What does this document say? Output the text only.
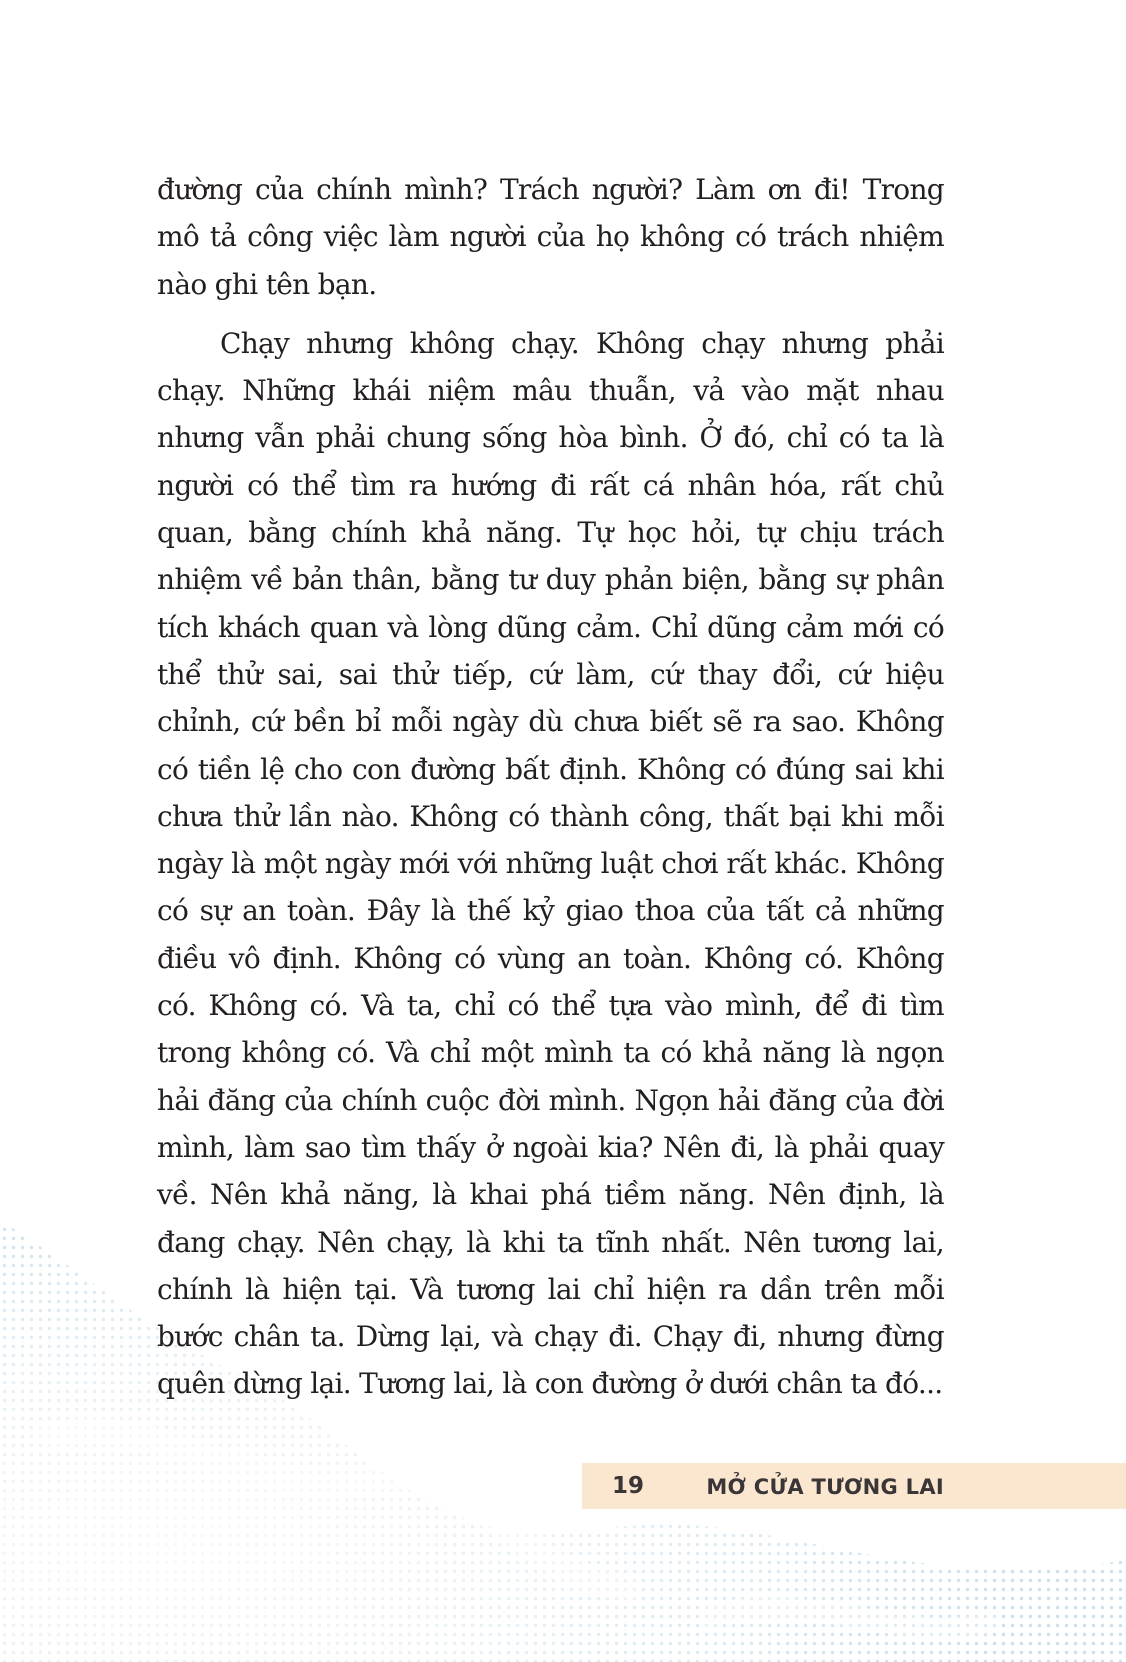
đường của chính mình? Trách người? Làm ơn đi! Trong mô tả công việc làm người của họ không có trách nhiệm nào ghi tên bạn.

Chạy nhưng không chạy. Không chạy nhưng phải chạy. Những khái niệm mâu thuẫn, vả vào mặt nhau nhưng vẫn phải chung sống hòa bình. Ở đó, chỉ có ta là người có thể tìm ra hướng đi rất cá nhân hóa, rất chủ quan, bằng chính khả năng. Tự học hỏi, tự chịu trách nhiệm về bản thân, bằng tư duy phản biện, bằng sự phân tích khách quan và lòng dũng cảm. Chỉ dũng cảm mới có thể thử sai, sai thử tiếp, cứ làm, cứ thay đổi, cứ hiệu chỉnh, cứ bền bỉ mỗi ngày dù chưa biết sẽ ra sao. Không có tiền lệ cho con đường bất định. Không có đúng sai khi chưa thử lần nào. Không có thành công, thất bại khi mỗi ngày là một ngày mới với những luật chơi rất khác. Không có sự an toàn. Đây là thế kỷ giao thoa của tất cả những điều vô định. Không có vùng an toàn. Không có. Không có. Không có. Và ta, chỉ có thể tựa vào mình, để đi tìm trong không có. Và chỉ một mình ta có khả năng là ngọn hải đăng của chính cuộc đời mình. Ngọn hải đăng của đời mình, làm sao tìm thấy ở ngoài kia? Nên đi, là phải quay về. Nên khả năng, là khai phá tiềm năng. Nên định, là đang chạy. Nên chạy, là khi ta tĩnh nhất. Nên tương lai, chính là hiện tại. Và tương lai chỉ hiện ra dần trên mỗi bước chân ta. Dừng lại, và chạy đi. Chạy đi, nhưng đừng quên dừng lại. Tương lai, là con đường ở dưới chân ta đó...

19	MỞ CỬA TƯƠNG LAI
